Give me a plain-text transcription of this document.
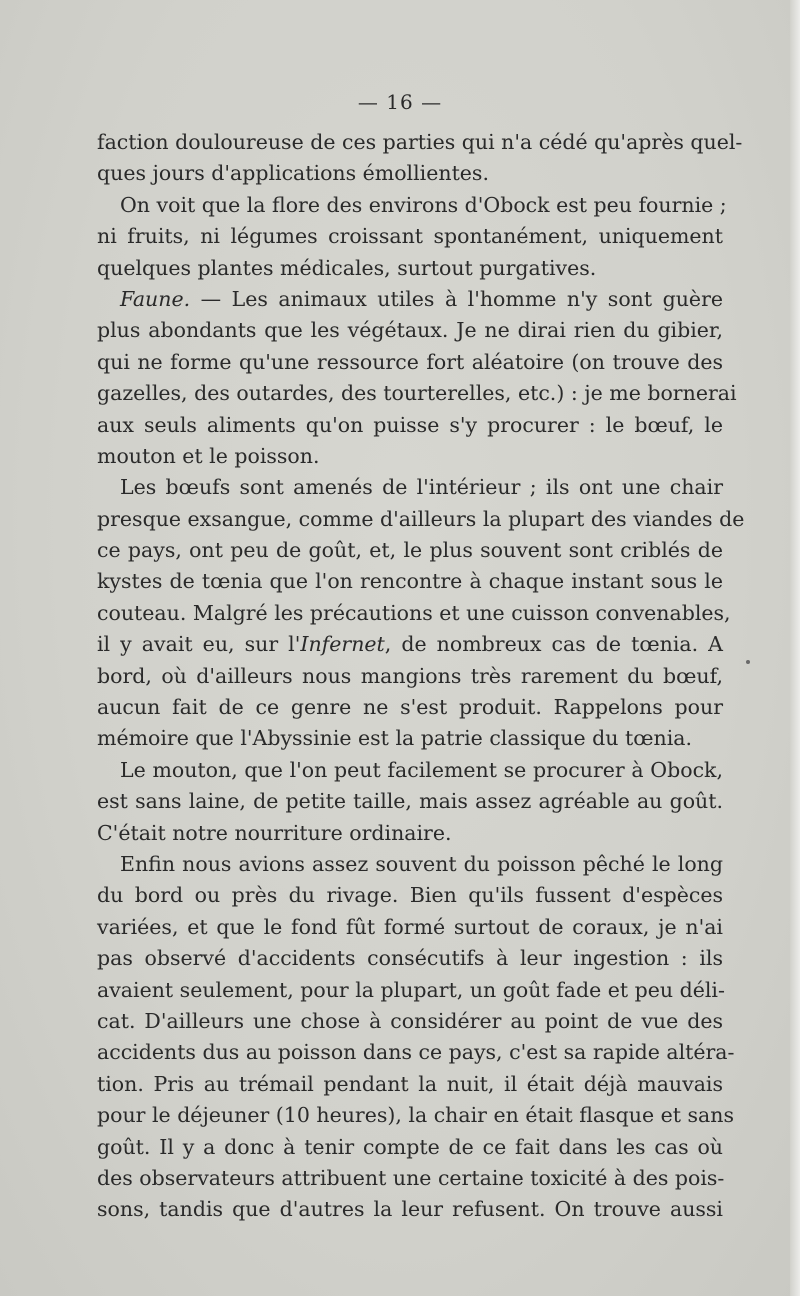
— 16 —
faction douloureuse de ces parties qui n'a cédé qu'après quel-
ques jours d'applications émollientes.
On voit que la flore des environs d'Obock est peu fournie ;
ni fruits, ni légumes croissant spontanément, uniquement
quelques plantes médicales, surtout purgatives.
Faune. — Les animaux utiles à l'homme n'y sont guère
plus abondants que les végétaux. Je ne dirai rien du gibier,
qui ne forme qu'une ressource fort aléatoire (on trouve des
gazelles, des outardes, des tourterelles, etc.) : je me bornerai
aux seuls aliments qu'on puisse s'y procurer : le bœuf, le
mouton et le poisson.
Les bœufs sont amenés de l'intérieur ; ils ont une chair
presque exsangue, comme d'ailleurs la plupart des viandes de
ce pays, ont peu de goût, et, le plus souvent sont criblés de
kystes de tœnia que l'on rencontre à chaque instant sous le
couteau. Malgré les précautions et une cuisson convenables,
il y avait eu, sur l'Infernet, de nombreux cas de tœnia. A
bord, où d'ailleurs nous mangions très rarement du bœuf,
aucun fait de ce genre ne s'est produit. Rappelons pour
mémoire que l'Abyssinie est la patrie classique du tœnia.
Le mouton, que l'on peut facilement se procurer à Obock,
est sans laine, de petite taille, mais assez agréable au goût.
C'était notre nourriture ordinaire.
Enfin nous avions assez souvent du poisson pêché le long
du bord ou près du rivage. Bien qu'ils fussent d'espèces
variées, et que le fond fût formé surtout de coraux, je n'ai
pas observé d'accidents consécutifs à leur ingestion : ils
avaient seulement, pour la plupart, un goût fade et peu déli-
cat. D'ailleurs une chose à considérer au point de vue des
accidents dus au poisson dans ce pays, c'est sa rapide altéra-
tion. Pris au trémail pendant la nuit, il était déjà mauvais
pour le déjeuner (10 heures), la chair en était flasque et sans
goût. Il y a donc à tenir compte de ce fait dans les cas où
des observateurs attribuent une certaine toxicité à des pois-
sons, tandis que d'autres la leur refusent. On trouve aussi
